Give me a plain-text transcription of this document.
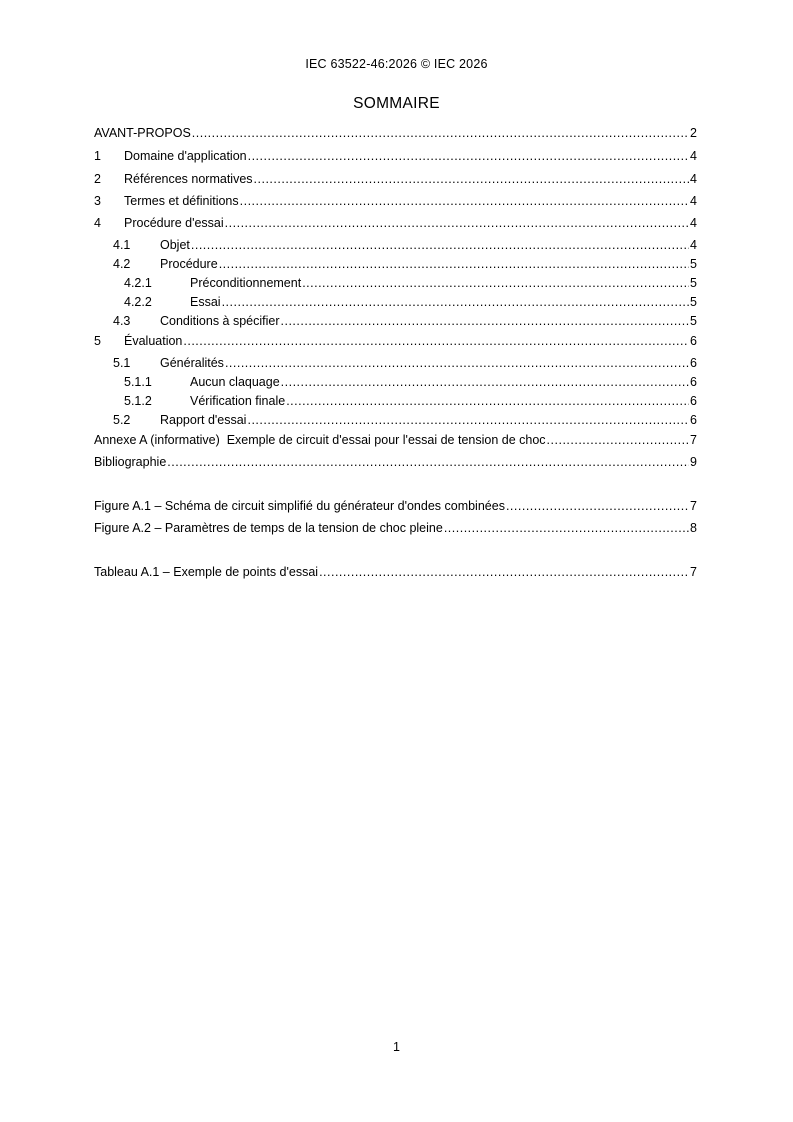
IEC 63522-46:2026 © IEC 2026
SOMMAIRE
AVANT-PROPOS .....	2
1	Domaine d'application .....	4
2	Références normatives .....	4
3	Termes et définitions .....	4
4	Procédure d'essai .....	4
4.1	Objet .....	4
4.2	Procédure .....	5
4.2.1	Préconditionnement .....	5
4.2.2	Essai .....	5
4.3	Conditions à spécifier .....	5
5	Évaluation .....	6
5.1	Généralités .....	6
5.1.1	Aucun claquage .....	6
5.1.2	Vérification finale .....	6
5.2	Rapport d'essai .....	6
Annexe A (informative)  Exemple de circuit d'essai pour l'essai de tension de choc .....	7
Bibliographie .....	9
Figure A.1 – Schéma de circuit simplifié du générateur d'ondes combinées .....	7
Figure A.2 – Paramètres de temps de la tension de choc pleine .....	8
Tableau A.1 – Exemple de points d'essai .....	7
1
